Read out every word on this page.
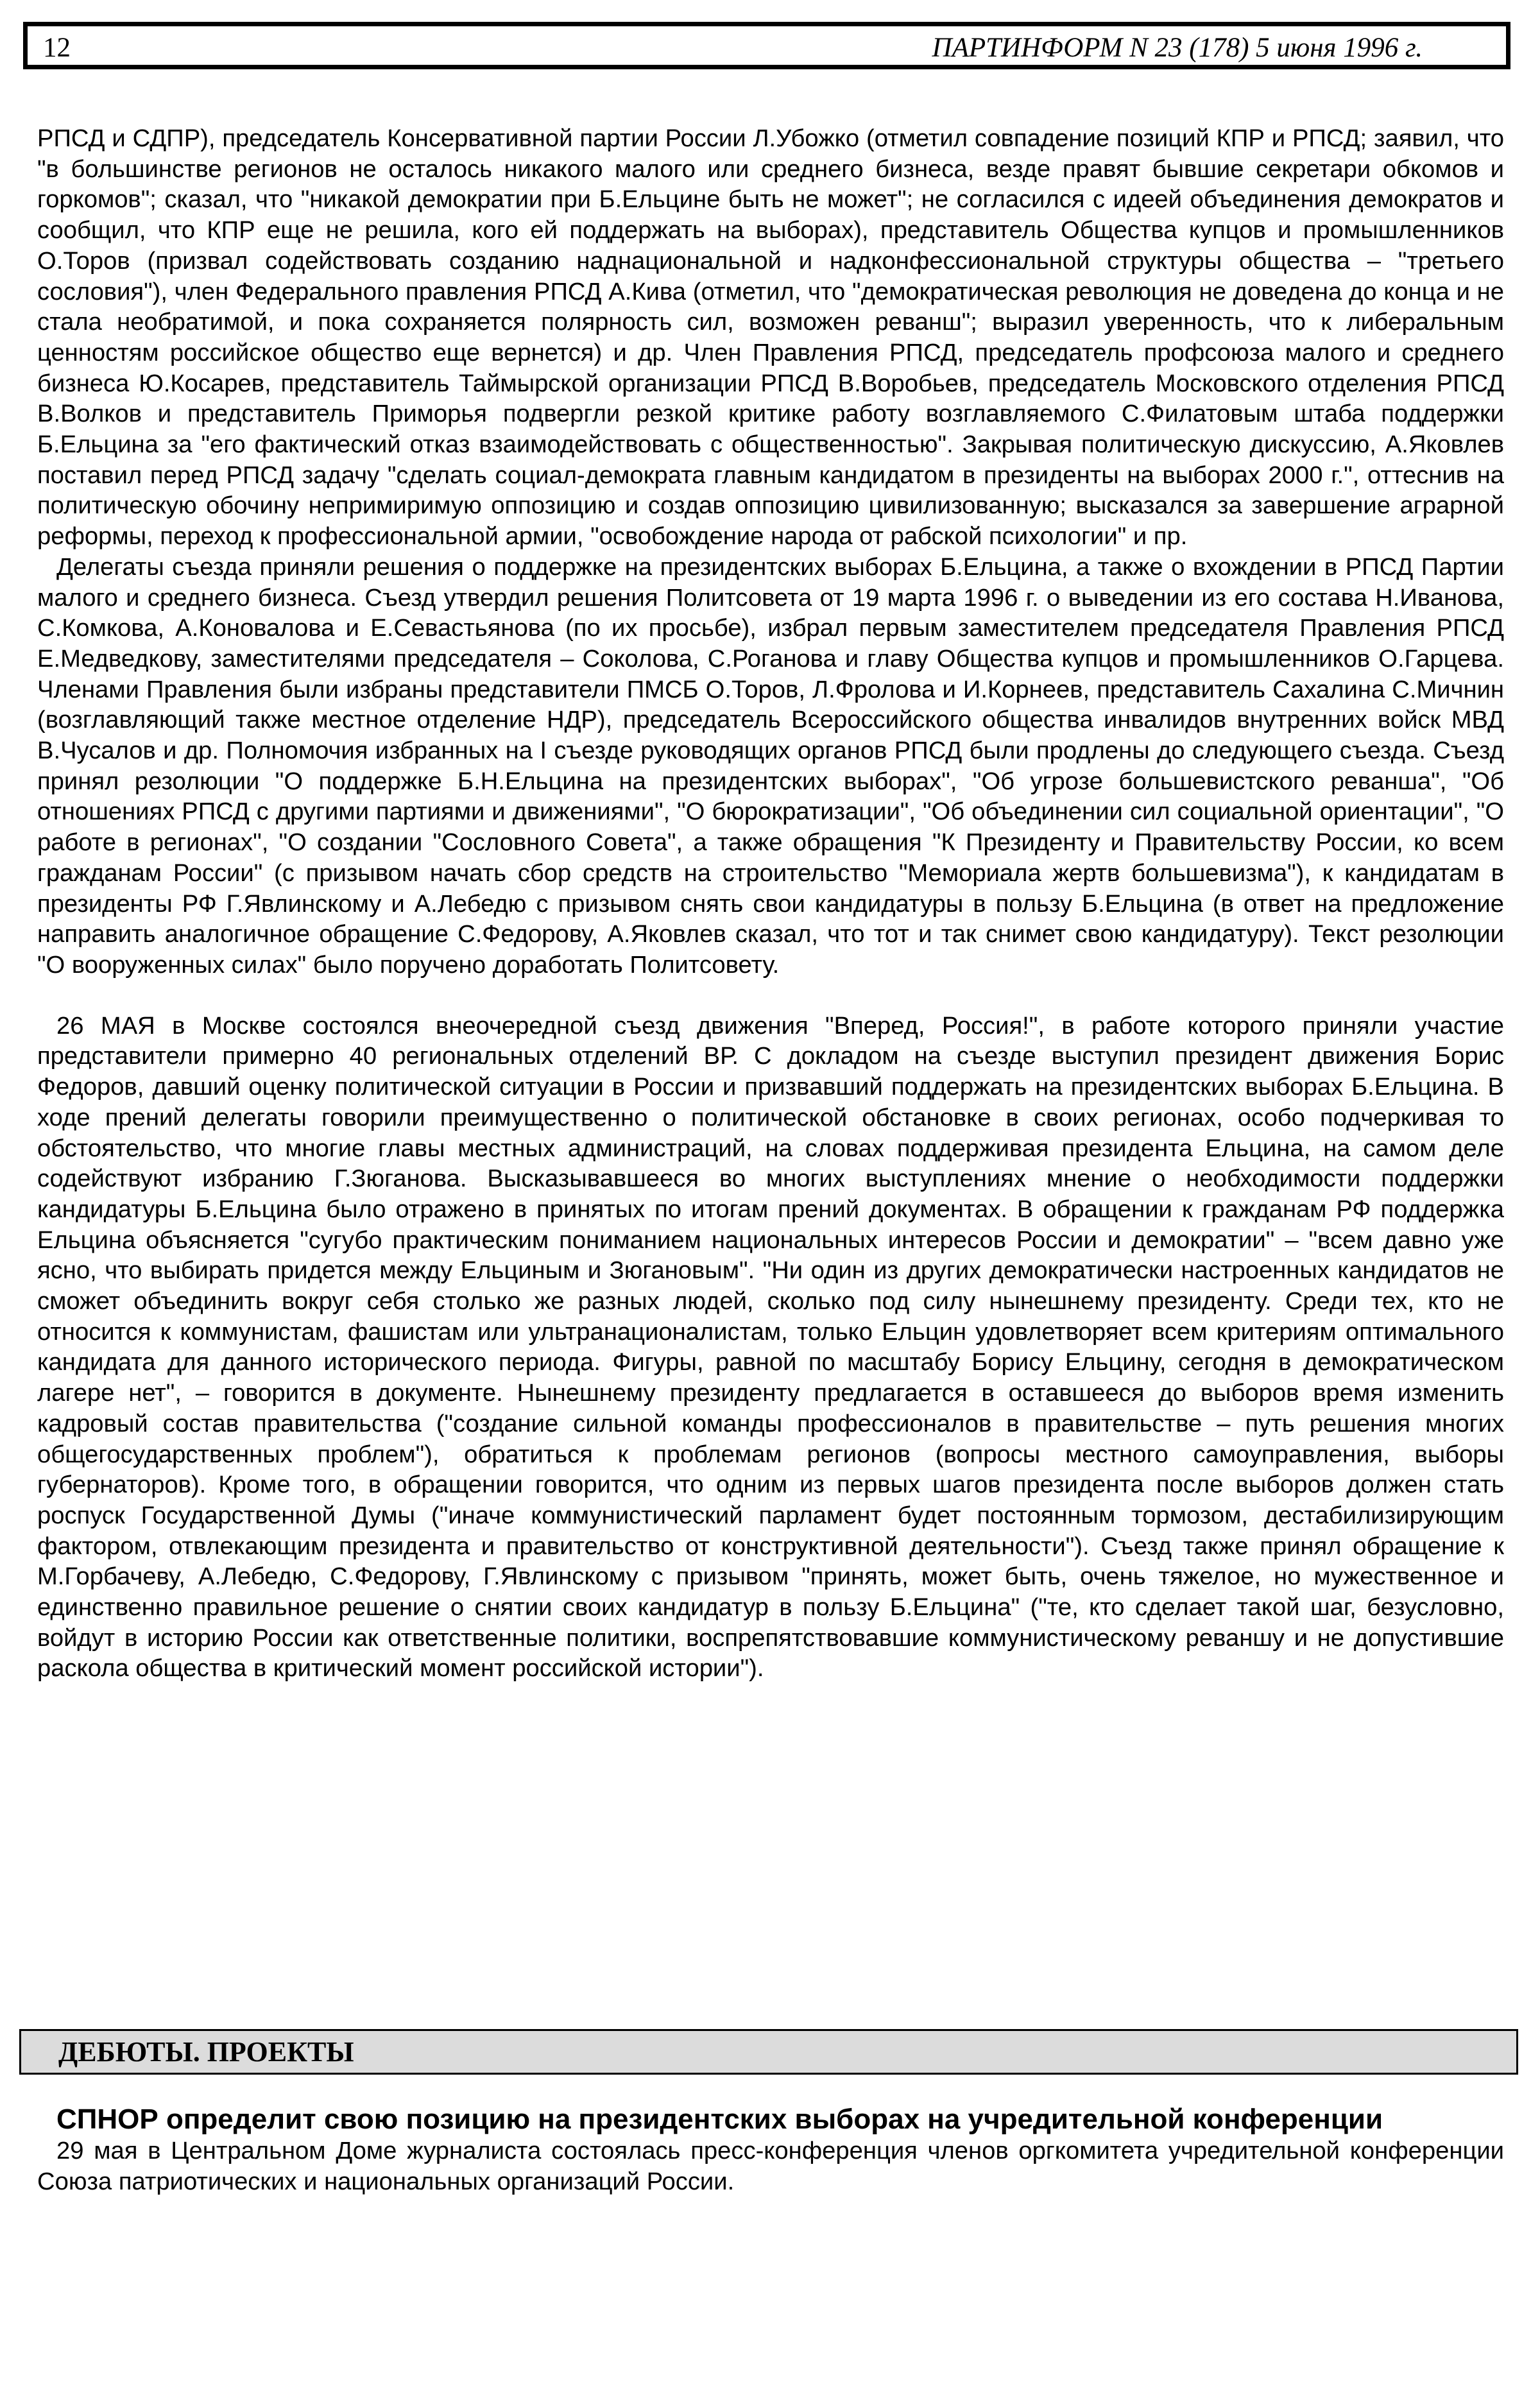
12	ПАРТИНФОРМ N 23 (178) 5 июня 1996 г.

РПСД и СДПР), председатель Консервативной партии России Л.Убожко (отметил совпадение позиций КПР и РПСД; заявил, что "в большинстве регионов не осталось никакого малого или среднего бизнеса, везде правят бывшие секретари обкомов и горкомов"; сказал, что "никакой демократии при Б.Ельцине быть не может"; не согласился с идеей объединения демократов и сообщил, что КПР еще не решила, кого ей поддержать на выборах), представитель Общества купцов и промышленников О.Торов (призвал содействовать созданию наднациональной и надконфессиональной структуры общества – "третьего сословия"), член Федерального правления РПСД А.Кива (отметил, что "демократическая революция не доведена до конца и не стала необратимой, и пока сохраняется полярность сил, возможен реванш"; выразил уверенность, что к либеральным ценностям российское общество еще вернется) и др. Член Правления РПСД, председатель профсоюза малого и среднего бизнеса Ю.Косарев, представитель Таймырской организации РПСД В.Воробьев, председатель Московского отделения РПСД В.Волков и представитель Приморья подвергли резкой критике работу возглавляемого С.Филатовым штаба поддержки Б.Ельцина за "его фактический отказ взаимодействовать с общественностью". Закрывая политическую дискуссию, А.Яковлев поставил перед РПСД задачу "сделать социал-демократа главным кандидатом в президенты на выборах 2000 г.", оттеснив на политическую обочину непримиримую оппозицию и создав оппозицию цивилизованную; высказался за завершение аграрной реформы, переход к профессиональной армии, "освобождение народа от рабской психологии" и пр.

Делегаты съезда приняли решения о поддержке на президентских выборах Б.Ельцина, а также о вхождении в РПСД Партии малого и среднего бизнеса. Съезд утвердил решения Политсовета от 19 марта 1996 г. о выведении из его состава Н.Иванова, С.Комкова, А.Коновалова и Е.Севастьянова (по их просьбе), избрал первым заместителем председателя Правления РПСД Е.Медведкову, заместителями председателя – Соколова, С.Роганова и главу Общества купцов и промышленников О.Гарцева. Членами Правления были избраны представители ПМСБ О.Торов, Л.Фролова и И.Корнеев, представитель Сахалина С.Мичнин (возглавляющий также местное отделение НДР), председатель Всероссийского общества инвалидов внутренних войск МВД В.Чусалов и др. Полномочия избранных на I съезде руководящих органов РПСД были продлены до следующего съезда. Съезд принял резолюции "О поддержке Б.Н.Ельцина на президентских выборах", "Об угрозе большевистского реванша", "Об отношениях РПСД с другими партиями и движениями", "О бюрократизации", "Об объединении сил социальной ориентации", "О работе в регионах", "О создании "Сословного Совета", а также обращения "К Президенту и Правительству России, ко всем гражданам России" (с призывом начать сбор средств на строительство "Мемориала жертв большевизма"), к кандидатам в президенты РФ Г.Явлинскому и А.Лебедю с призывом снять свои кандидатуры в пользу Б.Ельцина (в ответ на предложение направить аналогичное обращение С.Федорову, А.Яковлев сказал, что тот и так снимет свою кандидатуру). Текст резолюции "О вооруженных силах" было поручено доработать Политсовету.

26 МАЯ в Москве состоялся внеочередной съезд движения "Вперед, Россия!", в работе которого приняли участие представители примерно 40 региональных отделений ВР. С докладом на съезде выступил президент движения Борис Федоров, давший оценку политической ситуации в России и призвавший поддержать на президентских выборах Б.Ельцина. В ходе прений делегаты говорили преимущественно о политической обстановке в своих регионах, особо подчеркивая то обстоятельство, что многие главы местных администраций, на словах поддерживая президента Ельцина, на самом деле содействуют избранию Г.Зюганова. Высказывавшееся во многих выступлениях мнение о необходимости поддержки кандидатуры Б.Ельцина было отражено в принятых по итогам прений документах. В обращении к гражданам РФ поддержка Ельцина объясняется "сугубо практическим пониманием национальных интересов России и демократии" – "всем давно уже ясно, что выбирать придется между Ельциным и Зюгановым". "Ни один из других демократически настроенных кандидатов не сможет объединить вокруг себя столько же разных людей, сколько под силу нынешнему президенту. Среди тех, кто не относится к коммунистам, фашистам или ультранационалистам, только Ельцин удовлетворяет всем критериям оптимального кандидата для данного исторического периода. Фигуры, равной по масштабу Борису Ельцину, сегодня в демократическом лагере нет", – говорится в документе. Нынешнему президенту предлагается в оставшееся до выборов время изменить кадровый состав правительства ("создание сильной команды профессионалов в правительстве – путь решения многих общегосударственных проблем"), обратиться к проблемам регионов (вопросы местного самоуправления, выборы губернаторов). Кроме того, в обращении говорится, что одним из первых шагов президента после выборов должен стать роспуск Государственной Думы ("иначе коммунистический парламент будет постоянным тормозом, дестабилизирующим фактором, отвлекающим президента и правительство от конструктивной деятельности"). Съезд также принял обращение к М.Горбачеву, А.Лебедю, С.Федорову, Г.Явлинскому с призывом "принять, может быть, очень тяжелое, но мужественное и единственно правильное решение о снятии своих кандидатур в пользу Б.Ельцина" ("те, кто сделает такой шаг, безусловно, войдут в историю России как ответственные политики, воспрепятствовавшие коммунистическому реваншу и не допустившие раскола общества в критический момент российской истории").

ДЕБЮТЫ. ПРОЕКТЫ
СПНОР определит свою позицию на президентских выборах на учредительной конференции

29 мая в Центральном Доме журналиста состоялась пресс-конференция членов оргкомитета учредительной конференции Союза патриотических и национальных организаций России.
